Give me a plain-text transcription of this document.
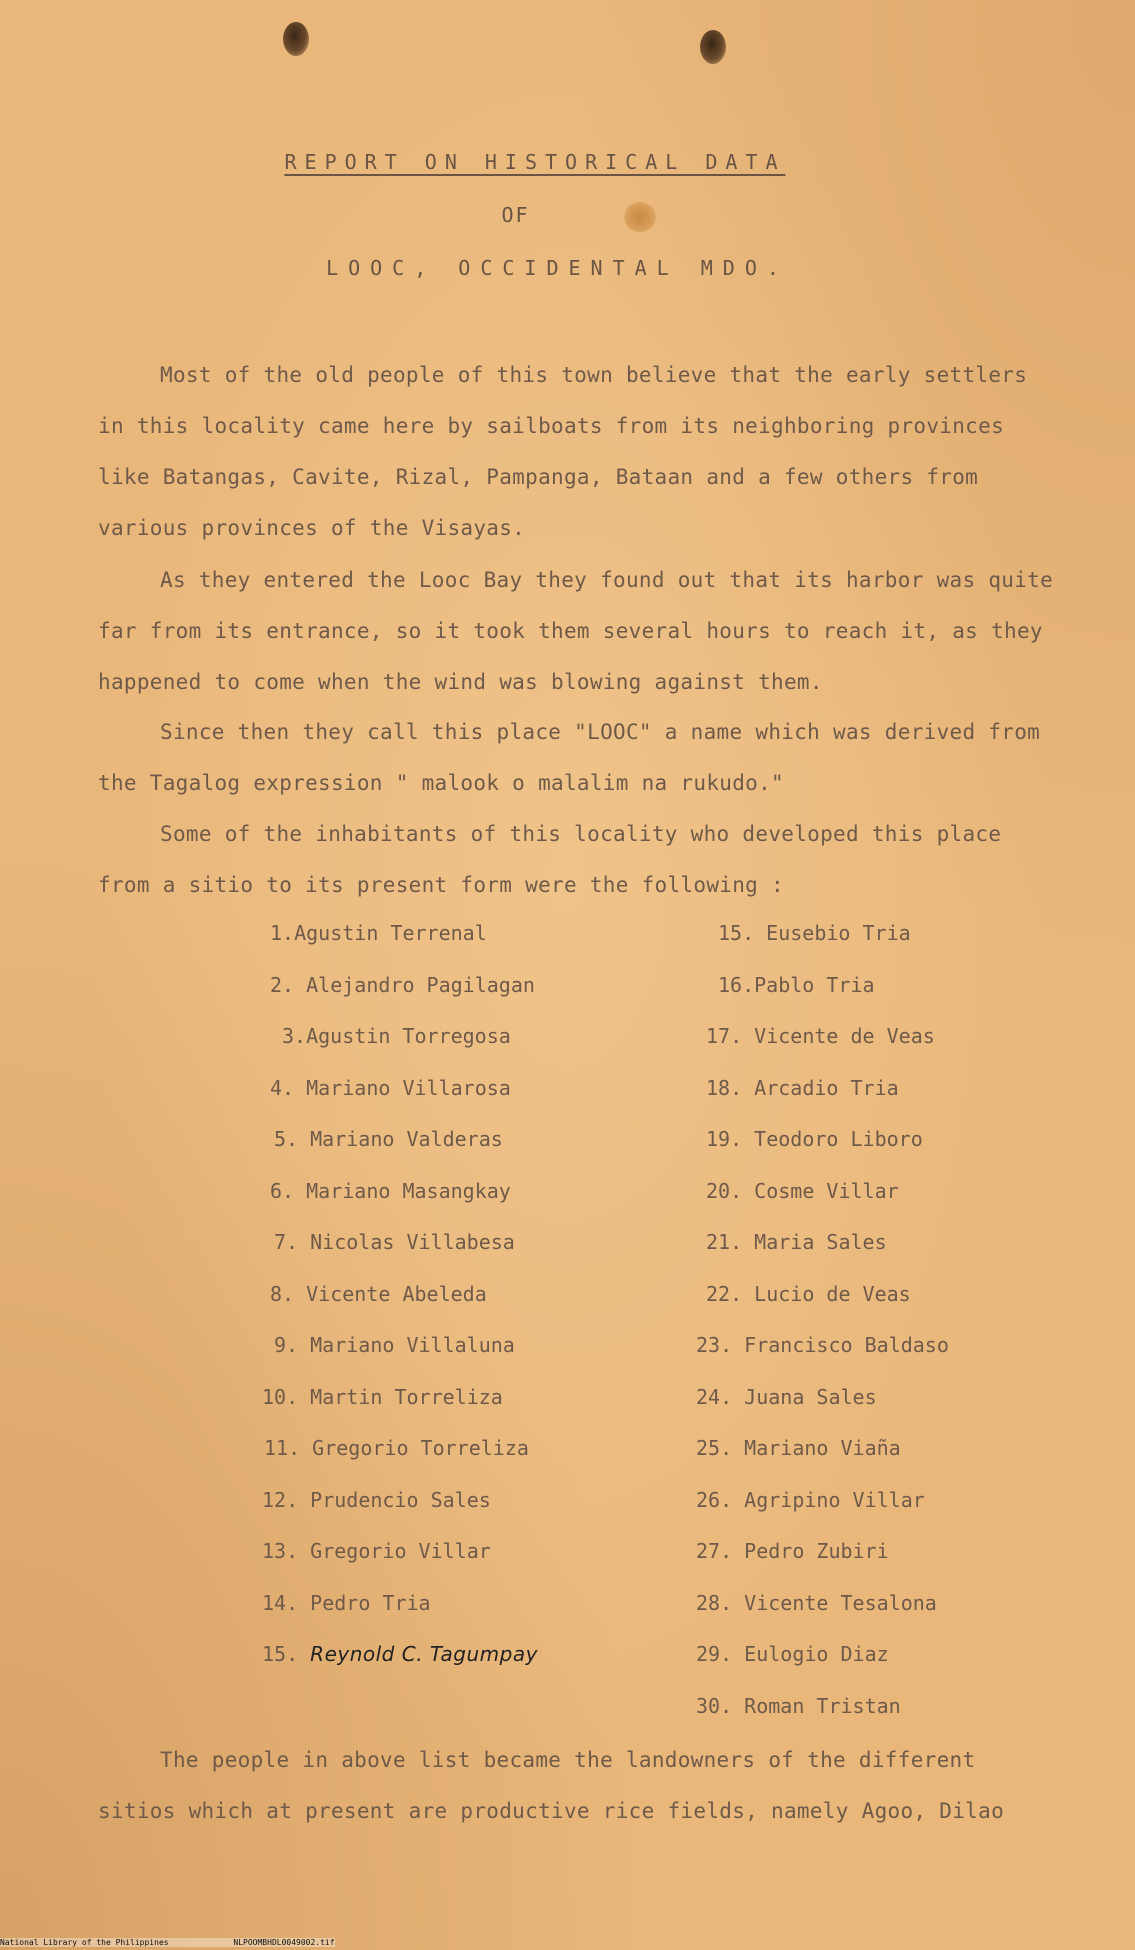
REPORT ON HISTORICAL DATA
OF
LOOC, OCCIDENTAL MDO.

Most of the old people of this town believe that the early settlers in this locality came here by sailboats from its neighboring provinces like Batangas, Cavite, Rizal, Pampanga, Bataan and a few others from various provinces of the Visayas.

As they entered the Looc Bay they found out that its harbor was quite far from its entrance, so it took them several hours to reach it, as they happened to come when the wind was blowing against them.

Since then they call this place "LOOC" a name which was derived from the Tagalog expression " malook o malalim na rukudo."

Some of the inhabitants of this locality who developed this place from a sitio to its present form were the following :

1.Agustin Terrenal
2. Alejandro Pagilagan
3.Agustin Torregosa
4. Mariano Villarosa
5. Mariano Valderas
6. Mariano Masangkay
7. Nicolas Villabesa
8. Vicente Abeleda
9. Mariano Villaluna
10. Martin Torreliza
11. Gregorio Torreliza
12. Prudencio Sales
13. Gregorio Villar
14. Pedro Tria
15. Reynold C. Tagumpay
15. Eusebio Tria
16.Pablo Tria
17. Vicente de Veas
18. Arcadio Tria
19. Teodoro Liboro
20. Cosme Villar
21. Maria Sales
22. Lucio de Veas
23. Francisco Baldaso
24. Juana Sales
25. Mariano Viaña
26. Agripino Villar
27. Pedro Zubiri
28. Vicente Tesalona
29. Eulogio Diaz
30. Roman Tristan

The people in above list became the landowners of the different sitios which at present are productive rice fields, namely Agoo, Dilao

National Library of the Philippines	NLPOOMBHDL0049002.tif
